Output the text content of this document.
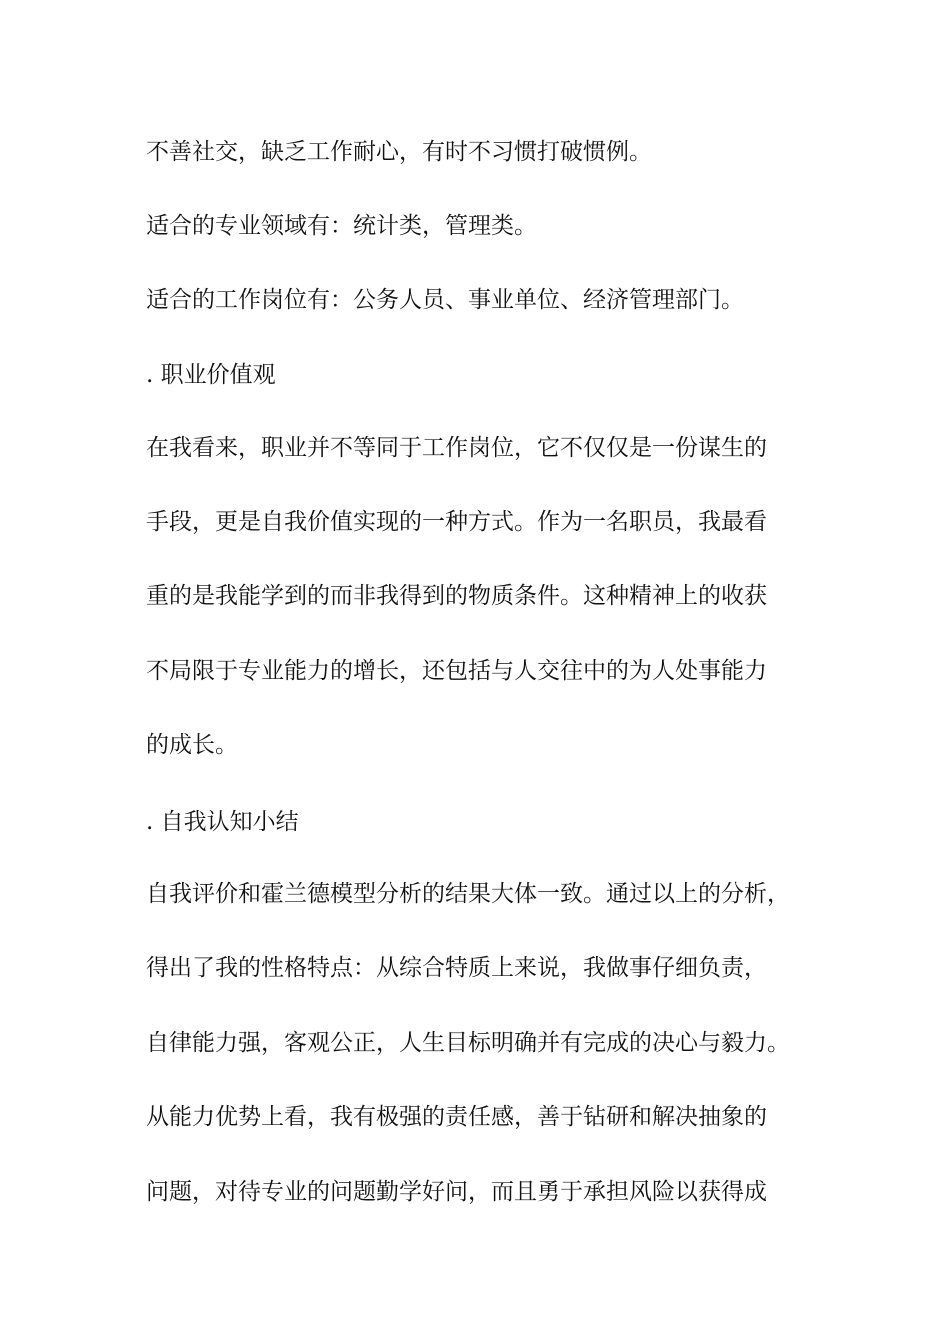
不善社交，缺乏工作耐心，有时不习惯打破惯例。
适合的专业领域有：统计类，管理类。
适合的工作岗位有：公务人员、事业单位、经济管理部门。
. 职业价值观
在我看来，职业并不等同于工作岗位，它不仅仅是一份谋生的
手段，更是自我价值实现的一种方式。作为一名职员，我最看
重的是我能学到的而非我得到的物质条件。这种精神上的收获
不局限于专业能力的增长，还包括与人交往中的为人处事能力
的成长。
. 自我认知小结
自我评价和霍兰德模型分析的结果大体一致。通过以上的分析，
得出了我的性格特点：从综合特质上来说，我做事仔细负责，
自律能力强，客观公正，人生目标明确并有完成的决心与毅力。
从能力优势上看，我有极强的责任感，善于钻研和解决抽象的
问题，对待专业的问题勤学好问，而且勇于承担风险以获得成
